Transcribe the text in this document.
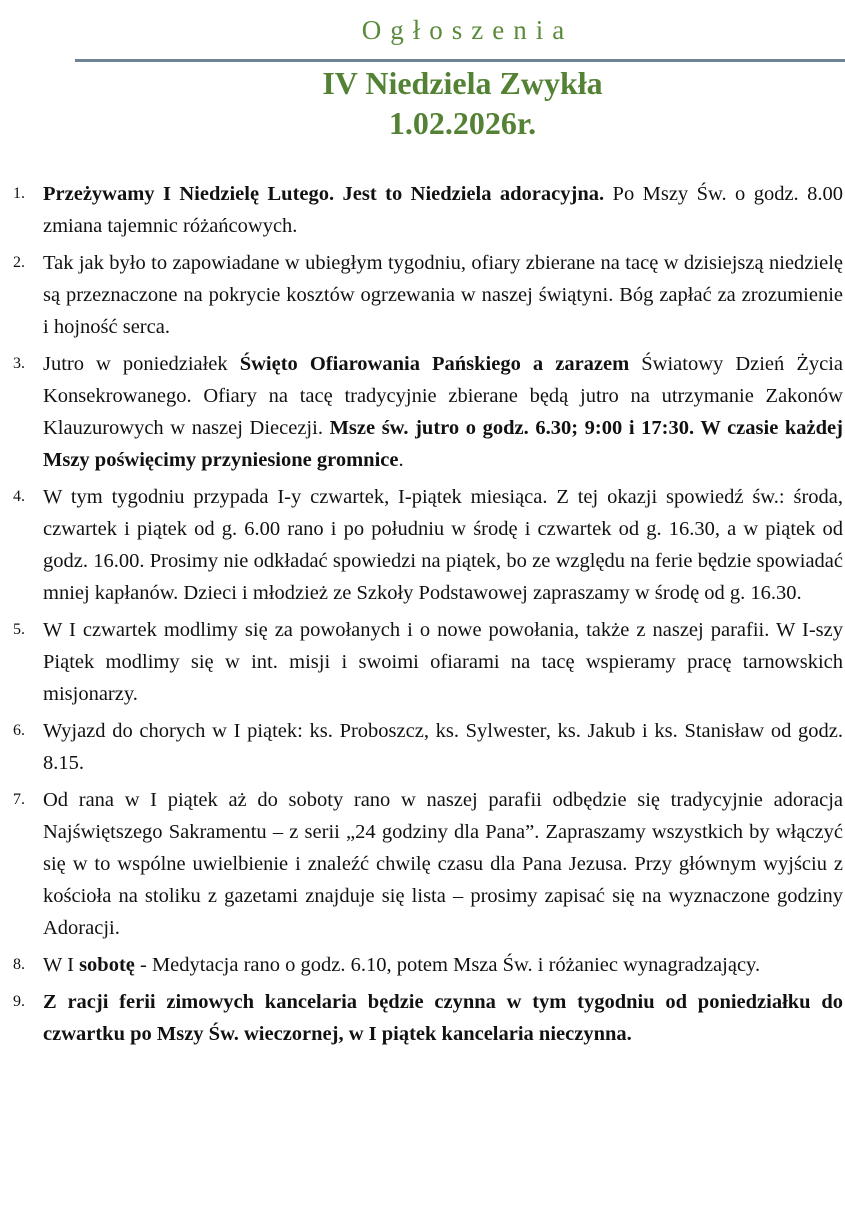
Ogłoszenia
IV Niedziela Zwykła
1.02.2026r.
1. Przeżywamy I Niedzielę Lutego. Jest to Niedziela adoracyjna. Po Mszy Św. o godz. 8.00 zmiana tajemnic różańcowych.
2. Tak jak było to zapowiadane w ubiegłym tygodniu, ofiary zbierane na tacę w dzisiejszą niedzielę są przeznaczone na pokrycie kosztów ogrzewania w naszej świątyni. Bóg zapłać za zrozumienie i hojność serca.
3. Jutro w poniedziałek Święto Ofiarowania Pańskiego a zarazem Światowy Dzień Życia Konsekrowanego. Ofiary na tacę tradycyjnie zbierane będą jutro na utrzymanie Zakonów Klauzurowych w naszej Diecezji. Msze św. jutro o godz. 6.30; 9:00 i 17:30. W czasie każdej Mszy poświęcimy przyniesione gromnice.
4. W tym tygodniu przypada I-y czwartek, I-piątek miesiąca. Z tej okazji spowiedź św.: środa, czwartek i piątek od g. 6.00 rano i po południu w środę i czwartek od g. 16.30, a w piątek od godz. 16.00. Prosimy nie odkładać spowiedzi na piątek, bo ze względu na ferie będzie spowiadać mniej kapłanów. Dzieci i młodzież ze Szkoły Podstawowej zapraszamy w środę od g. 16.30.
5. W I czwartek modlimy się za powołanych i o nowe powołania, także z naszej parafii. W I-szy Piątek modlimy się w int. misji i swoimi ofiarami na tacę wspieramy pracę tarnowskich misjonarzy.
6. Wyjazd do chorych w I piątek: ks. Proboszcz, ks. Sylwester, ks. Jakub i ks. Stanisław od godz. 8.15.
7. Od rana w I piątek aż do soboty rano w naszej parafii odbędzie się tradycyjnie adoracja Najświętszego Sakramentu – z serii „24 godziny dla Pana”. Zapraszamy wszystkich by włączyć się w to wspólne uwielbienie i znaleźć chwilę czasu dla Pana Jezusa. Przy głównym wyjściu z kościoła na stoliku z gazetami znajduje się lista – prosimy zapisać się na wyznaczone godziny Adoracji.
8. W I sobotę - Medytacja rano o godz. 6.10, potem Msza Św. i różaniec wynagradzający.
9. Z racji ferii zimowych kancelaria będzie czynna w tym tygodniu od poniedziałku do czwartku po Mszy Św. wieczornej, w I piątek kancelaria nieczynna.
